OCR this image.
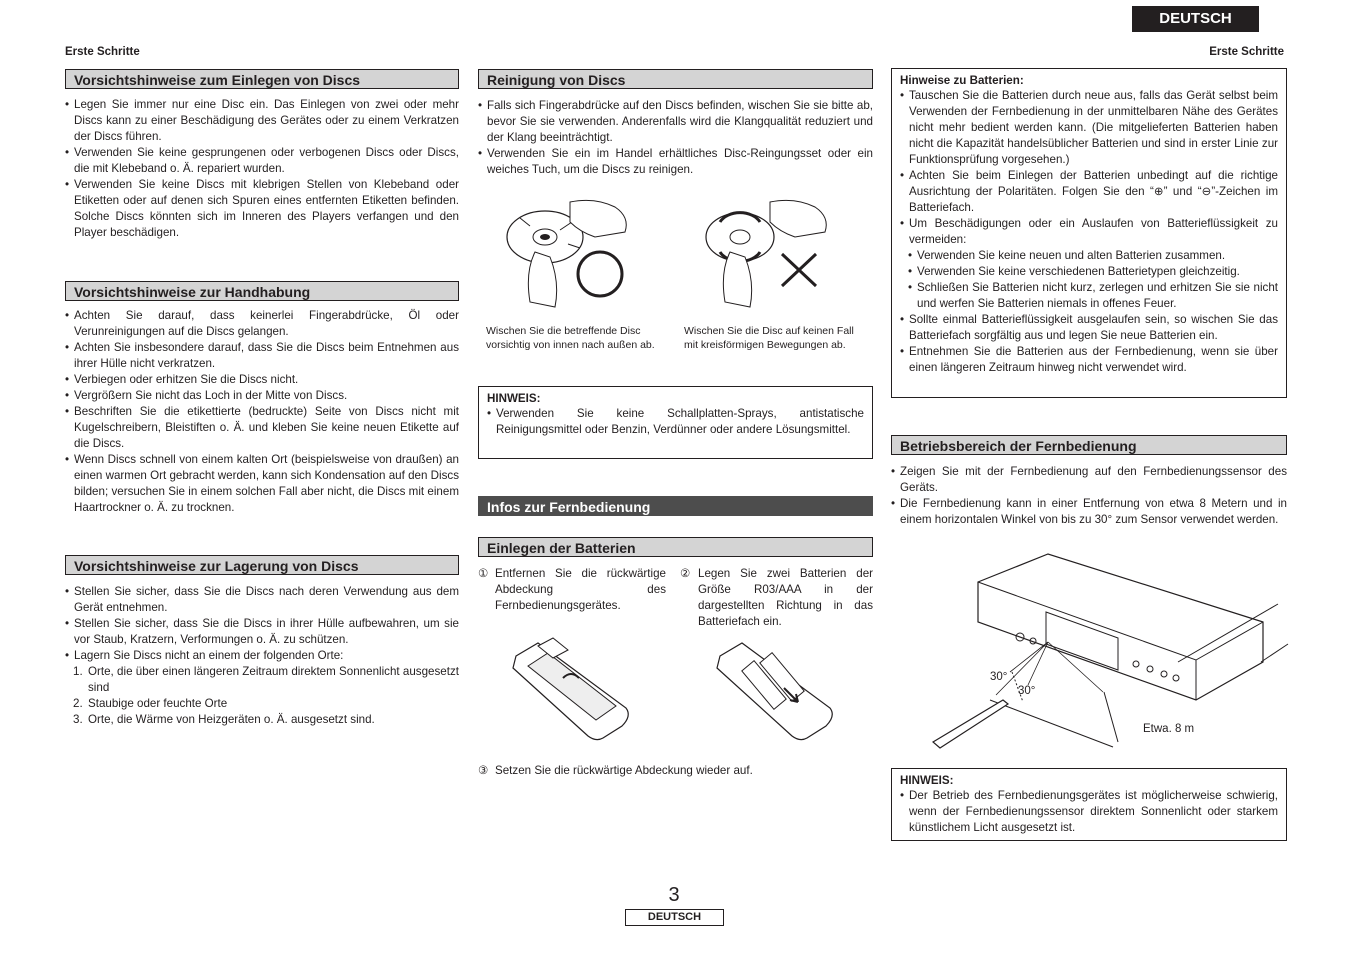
DEUTSCH
Erste Schritte	Erste Schritte
Vorsichtshinweise zum Einlegen von Discs
• Legen Sie immer nur eine Disc ein. Das Einlegen von zwei oder mehr Discs kann zu einer Beschädigung des Gerätes oder zu einem Verkratzen der Discs führen.
• Verwenden Sie keine gesprungenen oder verbogenen Discs oder Discs, die mit Klebeband o. Ä. repariert wurden.
• Verwenden Sie keine Discs mit klebrigen Stellen von Klebeband oder Etiketten oder auf denen sich Spuren eines entfernten Etiketten befinden. Solche Discs könnten sich im Inneren des Players verfangen und den Player beschädigen.
Vorsichtshinweise zur Handhabung
• Achten Sie darauf, dass keinerlei Fingerabdrücke, Öl oder Verunreinigungen auf die Discs gelangen.
• Achten Sie insbesondere darauf, dass Sie die Discs beim Entnehmen aus ihrer Hülle nicht verkratzen.
• Verbiegen oder erhitzen Sie die Discs nicht.
• Vergrößern Sie nicht das Loch in der Mitte von Discs.
• Beschriften Sie die etikettierte (bedruckte) Seite von Discs nicht mit Kugelschreibern, Bleistiften o. Ä. und kleben Sie keine neuen Etikette auf die Discs.
• Wenn Discs schnell von einem kalten Ort (beispielsweise von draußen) an einen warmen Ort gebracht werden, kann sich Kondensation auf den Discs bilden; versuchen Sie in einem solchen Fall aber nicht, die Discs mit einem Haartrockner o. Ä. zu trocknen.
Vorsichtshinweise zur Lagerung von Discs
• Stellen Sie sicher, dass Sie die Discs nach deren Verwendung aus dem Gerät entnehmen.
• Stellen Sie sicher, dass Sie die Discs in ihrer Hülle aufbewahren, um sie vor Staub, Kratzern, Verformungen o. Ä. zu schützen.
• Lagern Sie Discs nicht an einem der folgenden Orte:
1. Orte, die über einen längeren Zeitraum direktem Sonnenlicht ausgesetzt sind
2. Staubige oder feuchte Orte
3. Orte, die Wärme von Heizgeräten o. Ä. ausgesetzt sind.
Reinigung von Discs
• Falls sich Fingerabdrücke auf den Discs befinden, wischen Sie sie bitte ab, bevor Sie sie verwenden. Anderenfalls wird die Klangqualität reduziert und der Klang beeinträchtigt.
• Verwenden Sie ein im Handel erhältliches Disc-Reingungsset oder ein weiches Tuch, um die Discs zu reinigen.
Wischen Sie die betreffende Disc vorsichtig von innen nach außen ab.
Wischen Sie die Disc auf keinen Fall mit kreisförmigen Bewegungen ab.
HINWEIS:
• Verwenden Sie keine Schallplatten-Sprays, antistatische Reinigungsmittel oder Benzin, Verdünner oder andere Lösungsmittel.
Infos zur Fernbedienung
Einlegen der Batterien
① Entfernen Sie die rückwärtige Abdeckung des Fernbedienungsgerätes.
② Legen Sie zwei Batterien der Größe R03/AAA in der dargestellten Richtung in das Batteriefach ein.
③ Setzen Sie die rückwärtige Abdeckung wieder auf.
Hinweise zu Batterien:
• Tauschen Sie die Batterien durch neue aus, falls das Gerät selbst beim Verwenden der Fernbedienung in der unmittelbaren Nähe des Gerätes nicht mehr bedient werden kann. (Die mitgelieferten Batterien haben nicht die Kapazität handelsüblicher Batterien und sind in erster Linie zur Funktionsprüfung vorgesehen.)
• Achten Sie beim Einlegen der Batterien unbedingt auf die richtige Ausrichtung der Polaritäten. Folgen Sie den “⊕” und “⊖”-Zeichen im Batteriefach.
• Um Beschädigungen oder ein Auslaufen von Batterieflüssigkeit zu vermeiden:
• Verwenden Sie keine neuen und alten Batterien zusammen.
• Verwenden Sie keine verschiedenen Batterietypen gleichzeitig.
• Schließen Sie Batterien nicht kurz, zerlegen und erhitzen Sie sie nicht und werfen Sie Batterien niemals in offenes Feuer.
• Sollte einmal Batterieflüssigkeit ausgelaufen sein, so wischen Sie das Batteriefach sorgfältig aus und legen Sie neue Batterien ein.
• Entnehmen Sie die Batterien aus der Fernbedienung, wenn sie über einen längeren Zeitraum hinweg nicht verwendet wird.
Betriebsbereich der Fernbedienung
• Zeigen Sie mit der Fernbedienung auf den Fernbedienungssensor des Geräts.
• Die Fernbedienung kann in einer Entfernung von etwa 8 Metern und in einem horizontalen Winkel von bis zu 30° zum Sensor verwendet werden.
30°
30°
Etwa. 8 m
HINWEIS:
• Der Betrieb des Fernbedienungsgerätes ist möglicherweise schwierig, wenn der Fernbedienungssensor direktem Sonnenlicht oder starkem künstlichem Licht ausgesetzt ist.
3
DEUTSCH
